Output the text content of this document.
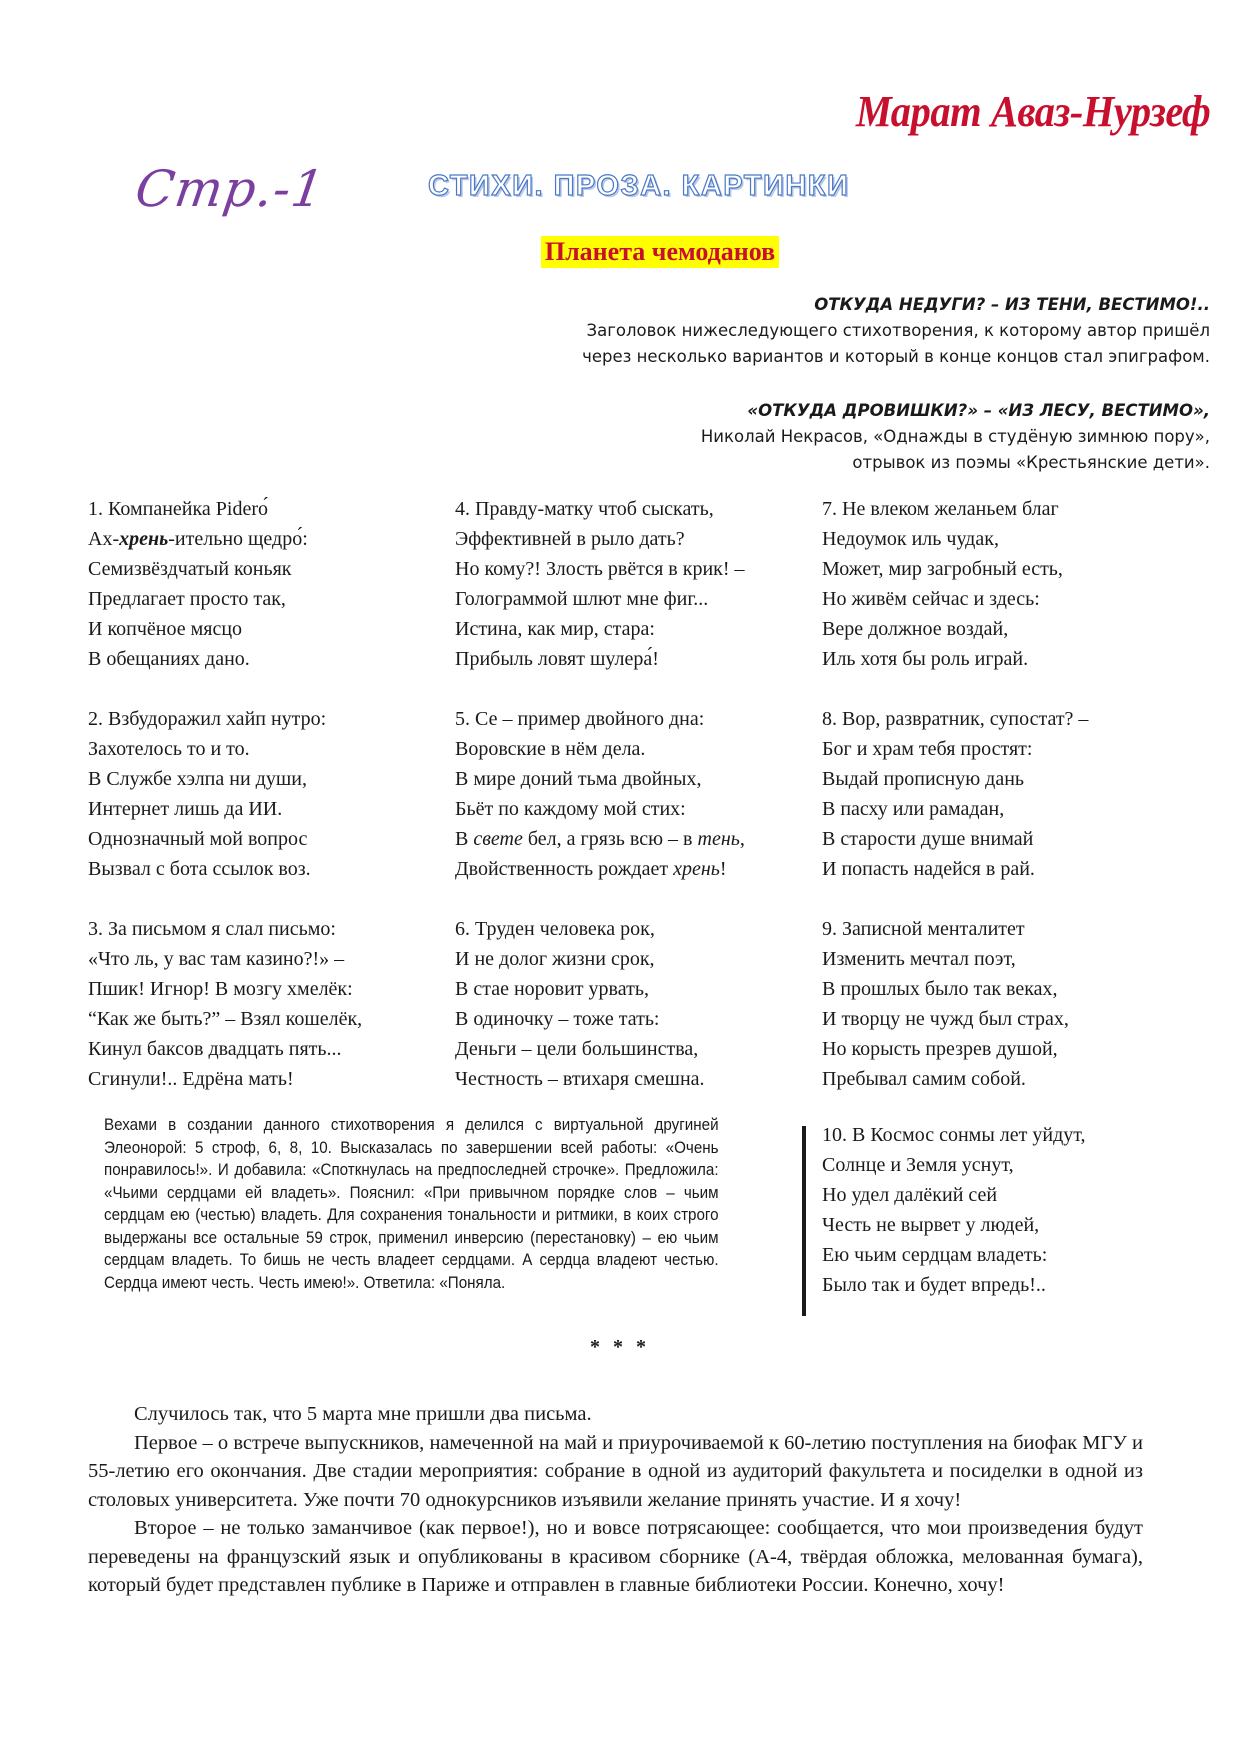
Марат Аваз-Нурзеф
Стр.-1	СТИХИ. ПРОЗА. КАРТИНКИ
Планета чемоданов
ОТКУДА НЕДУГИ? – ИЗ ТЕНИ, ВЕСТИМО!..
Заголовок нижеследующего стихотворения, к которому автор пришёл
через несколько вариантов и который в конце концов стал эпиграфом.
«ОТКУДА ДРОВИШКИ?» – «ИЗ ЛЕСУ, ВЕСТИМО»,
Николай Некрасов, «Однажды в студёную зимнюю пору»,
отрывок из поэмы «Крестьянские дети».
1. Компанейка Piderо́
Ах-хрень-ительно щедро́:
Семизвёздчатый коньяк
Предлагает просто так,
И копчёное мясцо
В обещаниях дано.
4. Правду-матку чтоб сыскать,
Эффективней в рыло дать?
Но кому?! Злость рвётся в крик! –
Голограммой шлют мне фиг...
Истина, как мир, стара:
Прибыль ловят шулера́!
7. Не влеком желаньем благ
Недоумок иль чудак,
Может, мир загробный есть,
Но живём сейчас и здесь:
Вере должное воздай,
Иль хотя бы роль играй.
2. Взбудоражил хайп нутро:
Захотелось то и то.
В Службе хэлпа ни души,
Интернет лишь да ИИ.
Однозначный мой вопрос
Вызвал с бота ссылок воз.
5. Се – пример двойного дна:
Воровские в нём дела.
В мире доний тьма двойных,
Бьёт по каждому мой стих:
В свете бел, а грязь всю – в тень,
Двойственность рождает хрень!
8. Вор, развратник, супостат? –
Бог и храм тебя простят:
Выдай прописную дань
В пасху или рамадан,
В старости душе внимай
И попасть надейся в рай.
3. За письмом я слал письмо:
«Что ль, у вас там казино?!» –
Пшик! Игнор! В мозгу хмелёк:
“Как же быть?” – Взял кошелёк,
Кинул баксов двадцать пять...
Сгинули!.. Едрёна мать!
6. Труден человека рок,
И не долог жизни срок,
В стае норовит урвать,
В одиночку – тоже тать:
Деньги – цели большинства,
Честность – втихаря смешна.
9. Записной менталитет
Изменить мечтал поэт,
В прошлых было так веках,
И творцу не чужд был страх,
Но корысть презрев душой,
Пребывал самим собой.

Вехами в создании данного стихотворения я делился с виртуальной другиней Элеонорой: 5 строф, 6, 8, 10. Высказалась по завершении всей работы: «Очень понравилось!». И добавила: «Споткнулась на предпоследней строчке». Предложила: «Чьими сердцами ей владеть». Пояснил: «При привычном порядке слов – чьим сердцам ею (честью) владеть. Для сохранения тональности и ритмики, в коих строго выдержаны все остальные 59 строк, применил инверсию (перестановку) – ею чьим сердцам владеть. То бишь не честь владеет сердцами. А сердца владеют честью. Сердца имеют честь. Честь имею!». Ответила: «Поняла.

10. В Космос сонмы лет уйдут,
Солнце и Земля уснут,
Но удел далёкий сей
Честь не вырвет у людей,
Ею чьим сердцам владеть:
Было так и будет впредь!..
* * *

Случилось так, что 5 марта мне пришли два письма.

Первое – о встрече выпускников, намеченной на май и приурочиваемой к 60-летию поступления на биофак МГУ и 55-летию его окончания. Две стадии мероприятия: собрание в одной из аудиторий факультета и посиделки в одной из столовых университета. Уже почти 70 однокурсников изъявили желание принять участие. И я хочу!

Второе – не только заманчивое (как первое!), но и вовсе потрясающее: сообщается, что мои произведения будут переведены на французский язык и опубликованы в красивом сборнике (А-4, твёрдая обложка, мелованная бумага), который будет представлен публике в Париже и отправлен в главные библиотеки России. Конечно, хочу!
